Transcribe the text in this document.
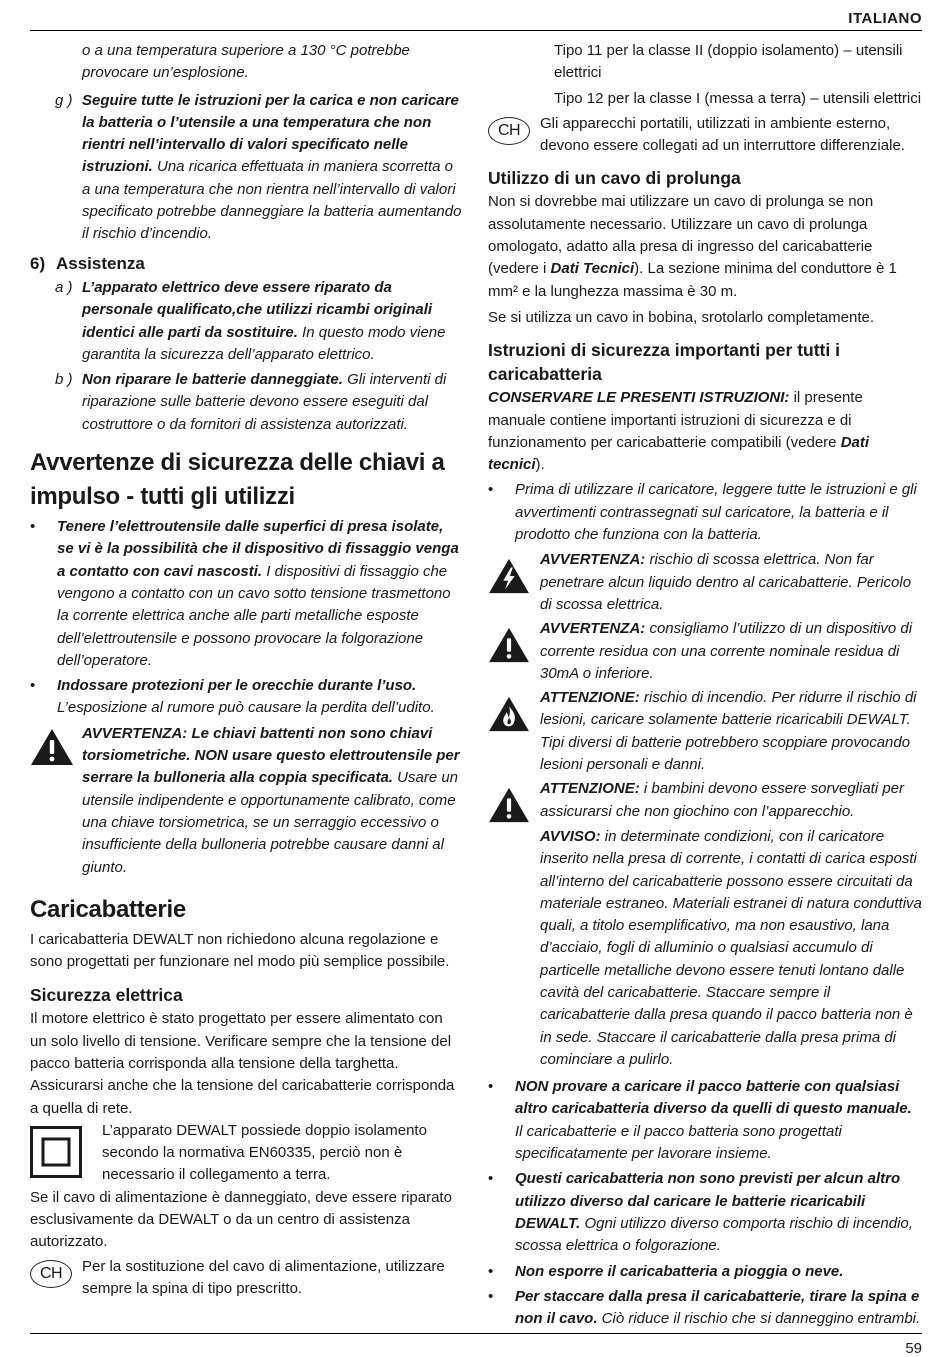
ITALIANO

o a una temperatura superiore a 130 °C potrebbe provocare un’esplosione.

g ) Seguire tutte le istruzioni per la carica e non caricare la batteria o l’utensile a una temperatura che non rientri nell’intervallo di valori specificato nelle istruzioni. Una ricarica effettuata in maniera scorretta o a una temperatura che non rientra nell’intervallo di valori specificato potrebbe danneggiare la batteria aumentando il rischio d’incendio.
6) Assistenza
a ) L’apparato elettrico deve essere riparato da personale qualificato,che utilizzi ricambi originali identici alle parti da sostituire. In questo modo viene garantita la sicurezza dell’apparato elettrico.
b ) Non riparare le batterie danneggiate. Gli interventi di riparazione sulle batterie devono essere eseguiti dal costruttore o da fornitori di assistenza autorizzati.
Avvertenze di sicurezza delle chiavi a impulso - tutti gli utilizzi
• Tenere l’elettroutensile dalle superfici di presa isolate, se vi è la possibilità che il dispositivo di fissaggio venga a contatto con cavi nascosti. I dispositivi di fissaggio che vengono a contatto con un cavo sotto tensione trasmettono la corrente elettrica anche alle parti metalliche esposte dell’elettroutensile e possono provocare la folgorazione dell’operatore.
• Indossare protezioni per le orecchie durante l’uso. L’esposizione al rumore può causare la perdita dell’udito.
AVVERTENZA: Le chiavi battenti non sono chiavi torsiometriche. NON usare questo elettroutensile per serrare la bulloneria alla coppia specificata. Usare un utensile indipendente e opportunamente calibrato, come una chiave torsiometrica, se un serraggio eccessivo o insufficiente della bulloneria potrebbe causare danni al giunto.
Caricabatterie

I caricabatteria DEWALT non richiedono alcuna regolazione e sono progettati per funzionare nel modo più semplice possibile.

Sicurezza elettrica

Il motore elettrico è stato progettato per essere alimentato con un solo livello di tensione. Verificare sempre che la tensione del pacco batteria corrisponda alla tensione della targhetta. Assicurarsi anche che la tensione del caricabatterie corrisponda a quella di rete.

L’apparato DEWALT possiede doppio isolamento secondo la normativa EN60335, perciò non è necessario il collegamento a terra.

Se il cavo di alimentazione è danneggiato, deve essere riparato esclusivamente da DEWALT o da un centro di assistenza autorizzato.

CH	Per la sostituzione del cavo di alimentazione, utilizzare sempre la spina di tipo prescritto.

Tipo 11 per la classe II (doppio isolamento) – utensili elettrici

Tipo 12 per la classe I (messa a terra) – utensili elettrici

CH	Gli apparecchi portatili, utilizzati in ambiente esterno, devono essere collegati ad un interruttore differenziale.
Utilizzo di un cavo di prolunga

Non si dovrebbe mai utilizzare un cavo di prolunga se non assolutamente necessario. Utilizzare un cavo di prolunga omologato, adatto alla presa di ingresso del caricabatterie (vedere i Dati Tecnici). La sezione minima del conduttore è 1 mm² e la lunghezza massima è 30 m.

Se si utilizza un cavo in bobina, srotolarlo completamente.

Istruzioni di sicurezza importanti per tutti i caricabatteria

CONSERVARE LE PRESENTI ISTRUZIONI: il presente manuale contiene importanti istruzioni di sicurezza e di funzionamento per caricabatterie compatibili (vedere Dati tecnici).

• Prima di utilizzare il caricatore, leggere tutte le istruzioni e gli avvertimenti contrassegnati sul caricatore, la batteria e il prodotto che funziona con la batteria.
AVVERTENZA: rischio di scossa elettrica. Non far penetrare alcun liquido dentro al caricabatterie. Pericolo di scossa elettrica.
AVVERTENZA: consigliamo l’utilizzo di un dispositivo di corrente residua con una corrente nominale residua di 30mA o inferiore.
ATTENZIONE: rischio di incendio. Per ridurre il rischio di lesioni, caricare solamente batterie ricaricabili DEWALT. Tipi diversi di batterie potrebbero scoppiare provocando lesioni personali e danni.
ATTENZIONE: i bambini devono essere sorvegliati per assicurarsi che non giochino con l’apparecchio.
AVVISO: in determinate condizioni, con il caricatore inserito nella presa di corrente, i contatti di carica esposti all’interno del caricabatterie possono essere circuitati da materiale estraneo. Materiali estranei di natura conduttiva quali, a titolo esemplificativo, ma non esaustivo, lana d’acciaio, fogli di alluminio o qualsiasi accumulo di particelle metalliche devono essere tenuti lontano dalle cavità del caricabatterie. Staccare sempre il caricabatterie dalla presa quando il pacco batteria non è in sede. Staccare il caricabatterie dalla presa prima di cominciare a pulirlo.
• NON provare a caricare il pacco batterie con qualsiasi altro caricabatteria diverso da quelli di questo manuale. Il caricabatterie e il pacco batteria sono progettati specificatamente per lavorare insieme.
• Questi caricabatteria non sono previsti per alcun altro utilizzo diverso dal caricare le batterie ricaricabili DEWALT. Ogni utilizzo diverso comporta rischio di incendio, scossa elettrica o folgorazione.
• Non esporre il caricabatteria a pioggia o neve.
• Per staccare dalla presa il caricabatterie, tirare la spina e non il cavo. Ciò riduce il rischio che si danneggino entrambi.
59
